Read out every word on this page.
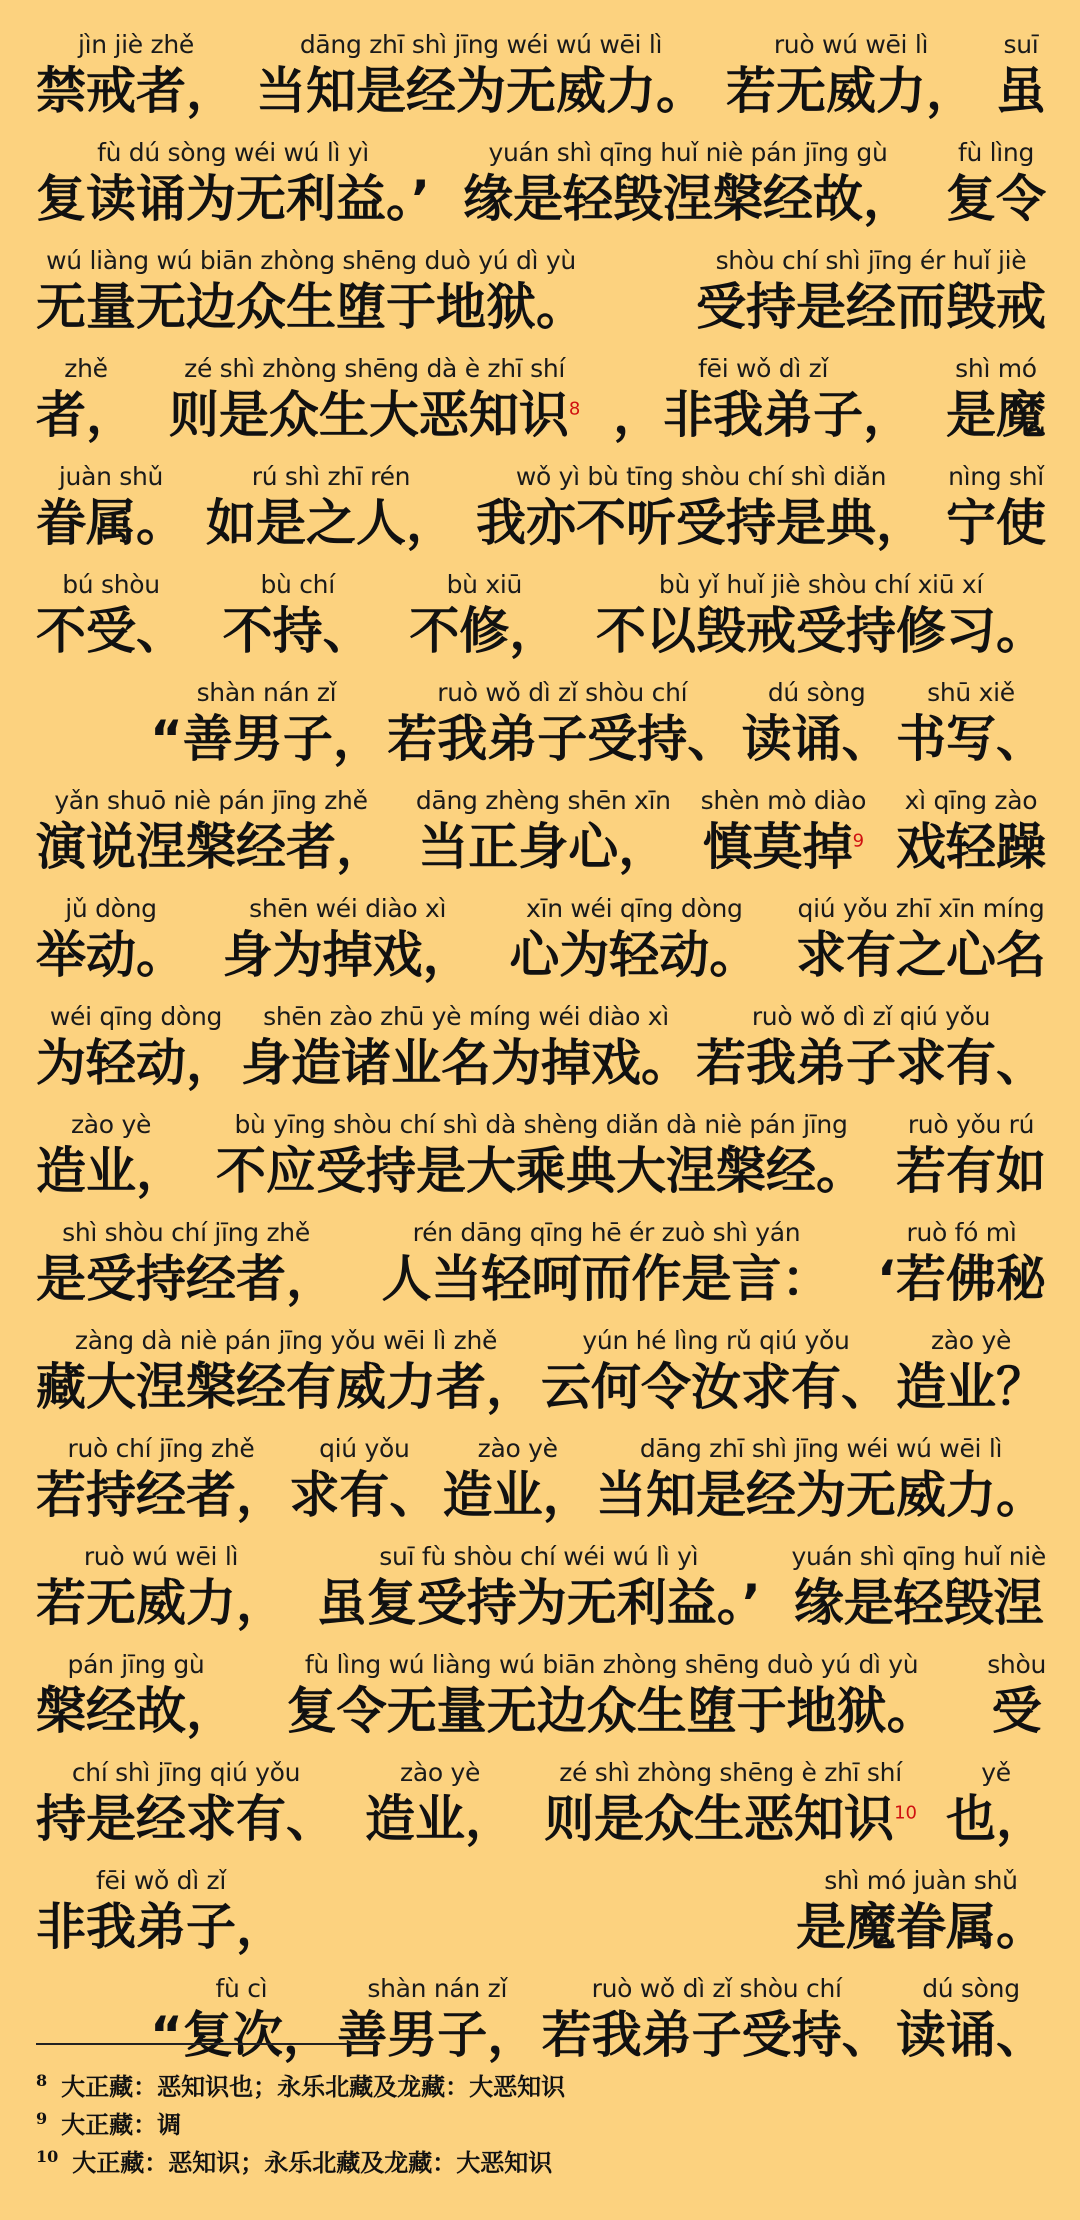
jìn jiè zhě
禁戒者，
dāng zhī shì jīng wéi wú wēi lì
当知是经为无威力。
ruò wú wēi lì
若无威力，
suī
虽
fù dú sòng wéi wú lì yì
复读诵为无利益。’
yuán shì qīng huǐ niè pán jīng gù
缘是轻毁涅槃经故，
fù lìng
复令
wú liàng wú biān zhòng shēng duò yú dì yù
无量无边众生堕于地狱。
shòu chí shì jīng ér huǐ jiè
受持是经而毁戒
zhě
者，
zé shì zhòng shēng dà è zhī shí
则是众生大恶知识$^8$
fēi wǒ dì zǐ
，非我弟子，
shì mó
是魔
juàn shǔ
眷属。
rú shì zhī rén
如是之人，
wǒ yì bù tīng shòu chí shì diǎn
我亦不听受持是典，
nìng shǐ
宁使
bú shòu
不受、
bù chí
不持、
bù xiū
不修，
bù yǐ huǐ jiè shòu chí xiū xí
不以毁戒受持修习。
shàn nán zǐ
“善男子，
ruò wǒ dì zǐ shòu chí
若我弟子受持、
dú sòng
读诵、
shū xiě
书写、
yǎn shuō niè pán jīng zhě
演说涅槃经者，
dāng zhèng shēn xīn
当正身心，
shèn mò diào
慎莫掉$^9$
xì qīng zào
戏轻躁
jǔ dòng
举动。
shēn wéi diào xì
身为掉戏，
xīn wéi qīng dòng
心为轻动。
qiú yǒu zhī xīn míng
求有之心名
wéi qīng dòng
为轻动，
shēn zào zhū yè míng wéi diào xì
身造诸业名为掉戏。
ruò wǒ dì zǐ qiú yǒu
若我弟子求有、
zào yè
造业，
bù yīng shòu chí shì dà shèng diǎn dà niè pán jīng
不应受持是大乘典大涅槃经。
ruò yǒu rú
若有如
shì shòu chí jīng zhě
是受持经者，
rén dāng qīng hē ér zuò shì yán
人当轻呵而作是言：
ruò fó mì
‘若佛秘
zàng dà niè pán jīng yǒu wēi lì zhě
藏大涅槃经有威力者，
yún hé lìng rǔ qiú yǒu
云何令汝求有、
zào yè
造业？
ruò chí jīng zhě
若持经者，
qiú yǒu
求有、
zào yè
造业，
dāng zhī shì jīng wéi wú wēi lì
当知是经为无威力。
ruò wú wēi lì
若无威力，
suī fù shòu chí wéi wú lì yì
虽复受持为无利益。’
yuán shì qīng huǐ niè
缘是轻毁涅
pán jīng gù
槃经故，
fù lìng wú liàng wú biān zhòng shēng duò yú dì yù
复令无量无边众生堕于地狱。
shòu
受
chí shì jīng qiú yǒu
持是经求有、
zào yè
造业，
zé shì zhòng shēng è zhī shí
则是众生恶知识$^{10}$
yě
也，
fēi wǒ dì zǐ
非我弟子，
shì mó juàn shǔ
是魔眷属。
fù cì
“复次，
shàn nán zǐ
善男子，
ruò wǒ dì zǐ shòu chí
若我弟子受持、
dú sòng
读诵、
$^8$ 大正藏：恶知识也；永乐北藏及龙藏：大恶知识
$^9$ 大正藏：调
$^{10}$ 大正藏：恶知识；永乐北藏及龙藏：大恶知识
